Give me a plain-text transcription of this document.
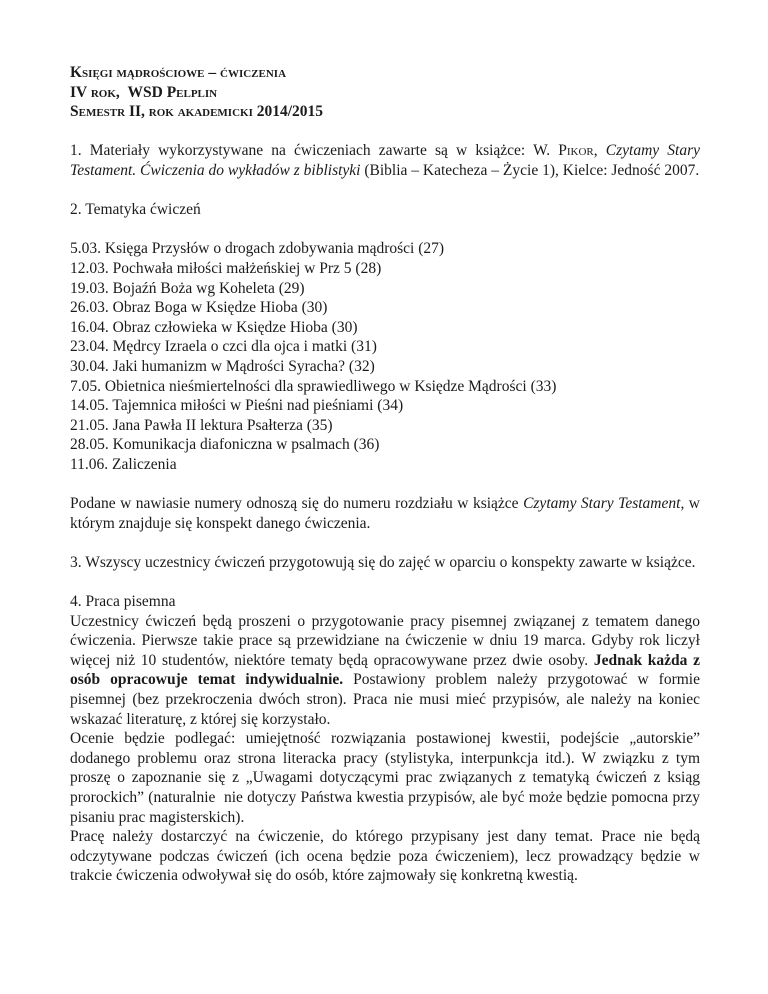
Księgi mądrościowe – ćwiczenia
IV rok,  WSD Pelplin
Semestr II, rok akademicki 2014/2015

1. Materiały wykorzystywane na ćwiczeniach zawarte są w książce: W. Pikor, Czytamy Stary Testament. Ćwiczenia do wykładów z biblistyki (Biblia – Katecheza – Życie 1), Kielce: Jedność 2007.

2. Tematyka ćwiczeń

5.03. Księga Przysłów o drogach zdobywania mądrości (27)
12.03. Pochwała miłości małżeńskiej w Prz 5 (28)
19.03. Bojaźń Boża wg Koheleta (29)
26.03. Obraz Boga w Księdze Hioba (30)
16.04. Obraz człowieka w Księdze Hioba (30)
23.04. Mędrcy Izraela o czci dla ojca i matki (31)
30.04. Jaki humanizm w Mądrości Syracha? (32)
7.05. Obietnica nieśmiertelności dla sprawiedliwego w Księdze Mądrości (33)
14.05. Tajemnica miłości w Pieśni nad pieśniami (34)
21.05. Jana Pawła II lektura Psałterza (35)
28.05. Komunikacja diafoniczna w psalmach (36)
11.06. Zaliczenia

Podane w nawiasie numery odnoszą się do numeru rozdziału w książce Czytamy Stary Testament, w którym znajduje się konspekt danego ćwiczenia.

3. Wszyscy uczestnicy ćwiczeń przygotowują się do zajęć w oparciu o konspekty zawarte w książce.

4. Praca pisemna

Uczestnicy ćwiczeń będą proszeni o przygotowanie pracy pisemnej związanej z tematem danego ćwiczenia. Pierwsze takie prace są przewidziane na ćwiczenie w dniu 19 marca. Gdyby rok liczył więcej niż 10 studentów, niektóre tematy będą opracowywane przez dwie osoby. Jednak każda z osób opracowuje temat indywidualnie. Postawiony problem należy przygotować w formie pisemnej (bez przekroczenia dwóch stron). Praca nie musi mieć przypisów, ale należy na koniec wskazać literaturę, z której się korzystało.

Ocenie będzie podlegać: umiejętność rozwiązania postawionej kwestii, podejście „autorskie” dodanego problemu oraz strona literacka pracy (stylistyka, interpunkcja itd.). W związku z tym proszę o zapoznanie się z „Uwagami dotyczącymi prac związanych z tematyką ćwiczeń z ksiąg prorockich” (naturalnie  nie dotyczy Państwa kwestia przypisów, ale być może będzie pomocna przy pisaniu prac magisterskich).

Pracę należy dostarczyć na ćwiczenie, do którego przypisany jest dany temat. Prace nie będą odczytywane podczas ćwiczeń (ich ocena będzie poza ćwiczeniem), lecz prowadzący będzie w trakcie ćwiczenia odwoływał się do osób, które zajmowały się konkretną kwestią.
